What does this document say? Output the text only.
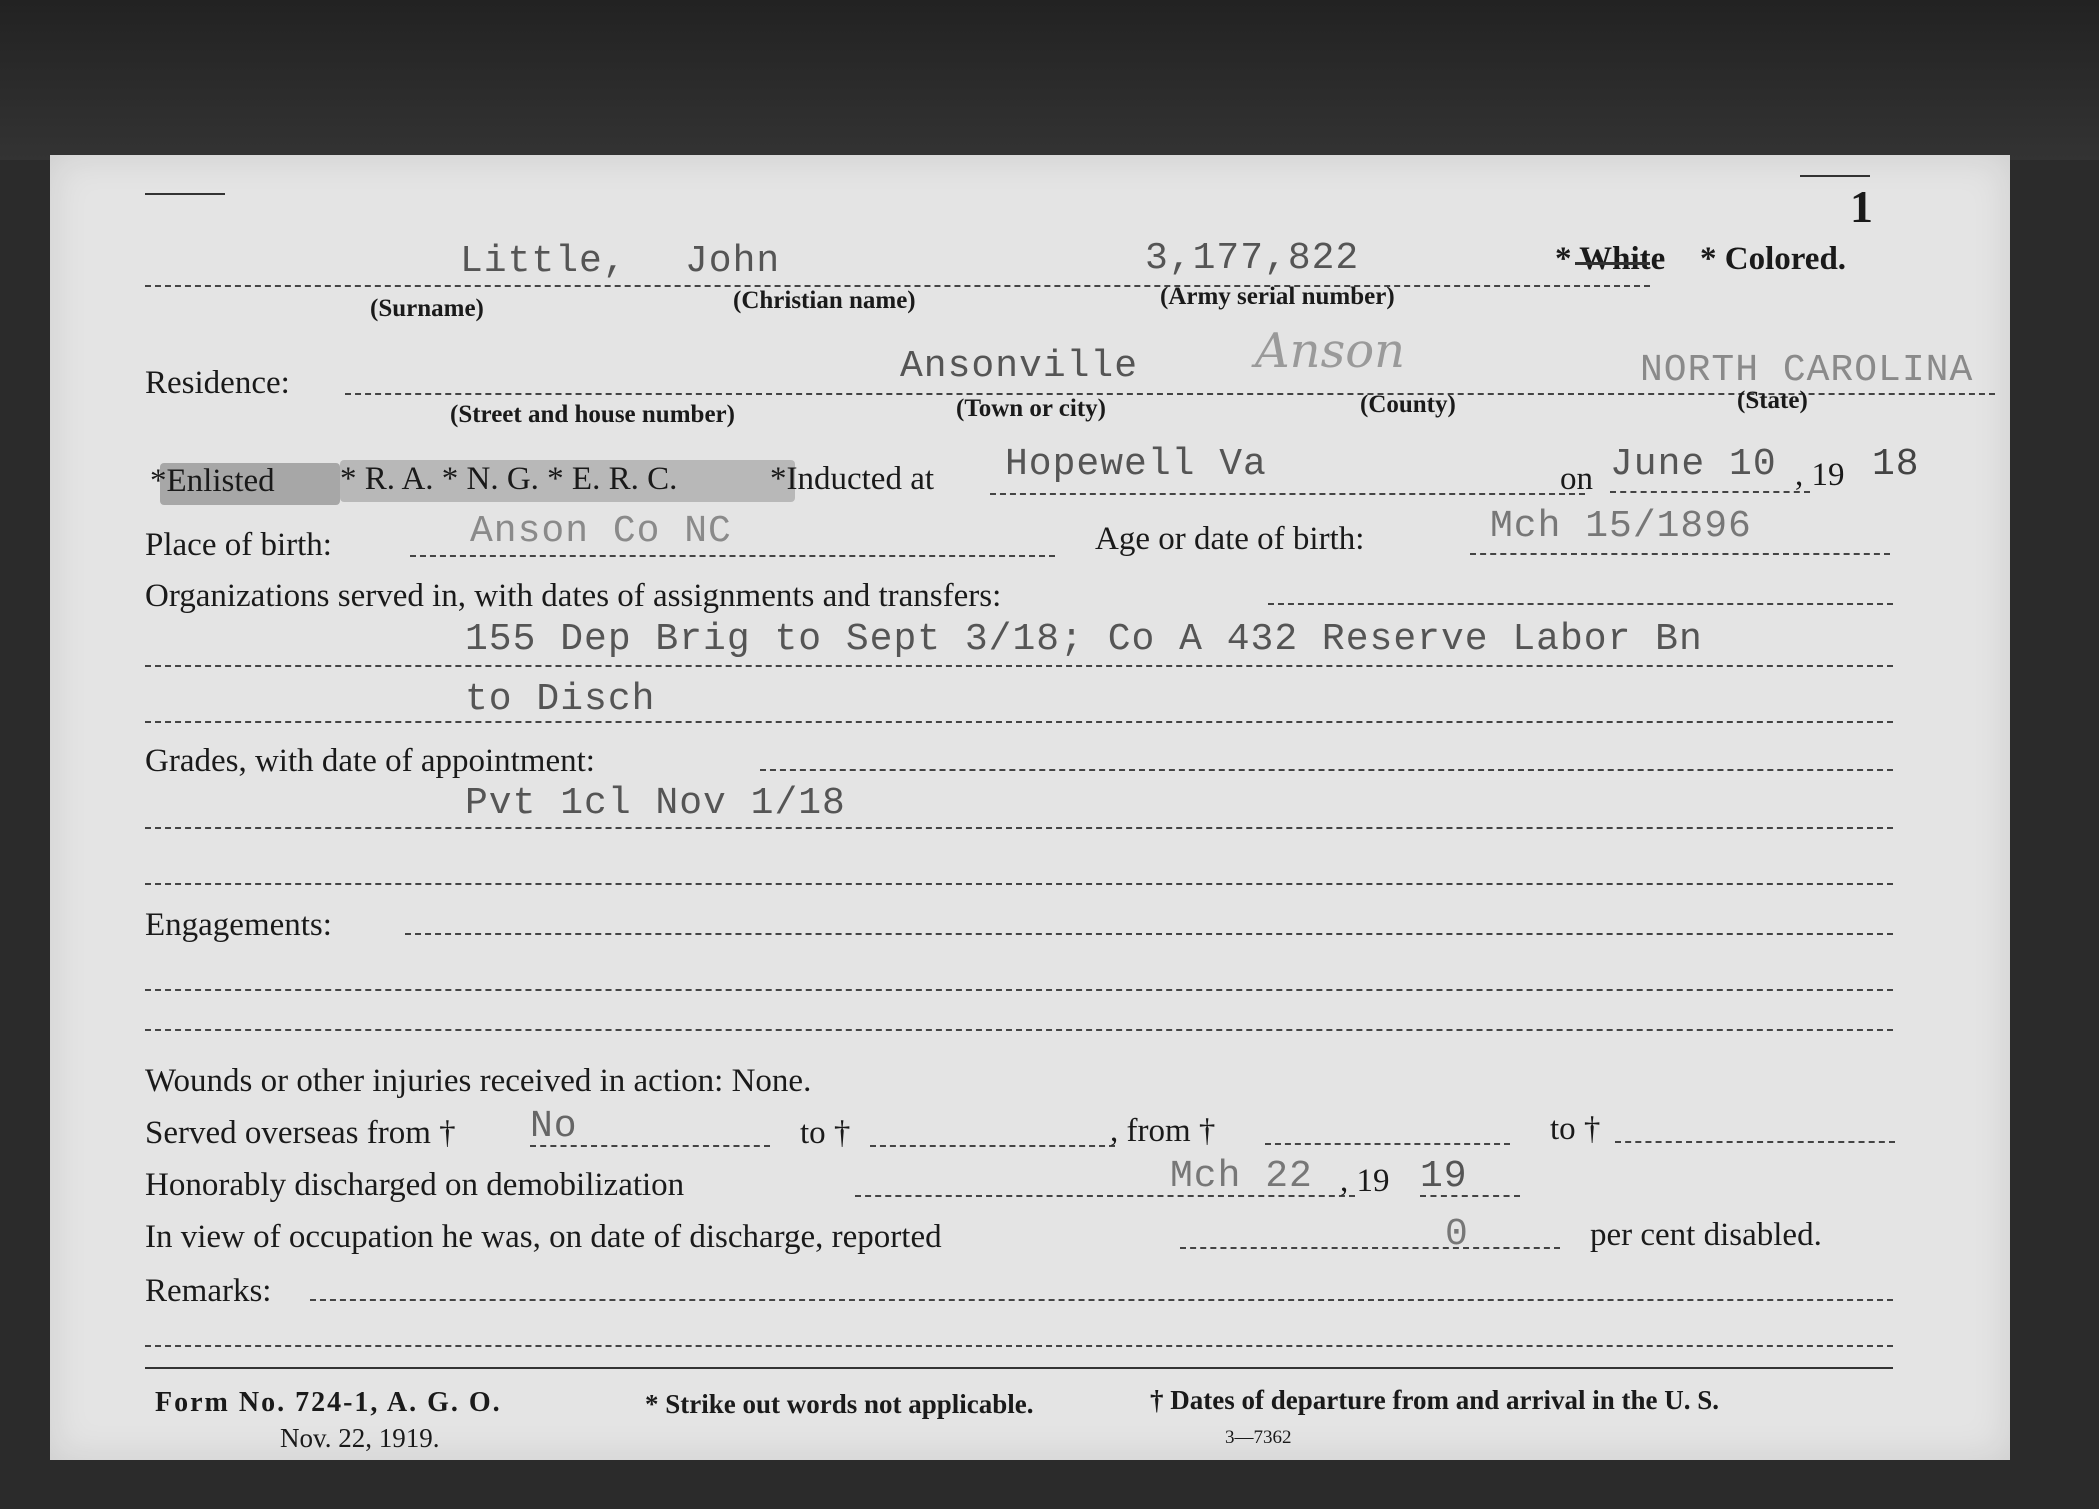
1
Little, John	3,177,822	* White * Colored.
(Surname)	(Christian name)	(Army serial number)
Residence:	Ansonville Anson	NORTH CAROLINA
(Street and house number)	(Town or city)	(County)	(State)
*Enlisted * R. A. * N. G. * E. R. C.	*Inducted at Hopewell Va	on June 10 , 19 18
Place of birth:	Anson Co NC	Age or date of birth:	Mch 15/1896
Organizations served in, with dates of assignments and transfers:
155 Dep Brig to Sept 3/18; Co A 432 Reserve Labor Bn
to Disch
Grades, with date of appointment:
Pvt 1cl Nov 1/18
Engagements:
Wounds or other injuries received in action: None.
Served overseas from † No	to †	, from †	to †
Honorably discharged on demobilization	Mch 22 , 19 19
In view of occupation he was, on date of discharge, reported	0	per cent disabled.
Remarks:
Form No. 724-1, A. G. O.
Nov. 22, 1919.
* Strike out words not applicable.	† Dates of departure from and arrival in the U. S.
3—7362
